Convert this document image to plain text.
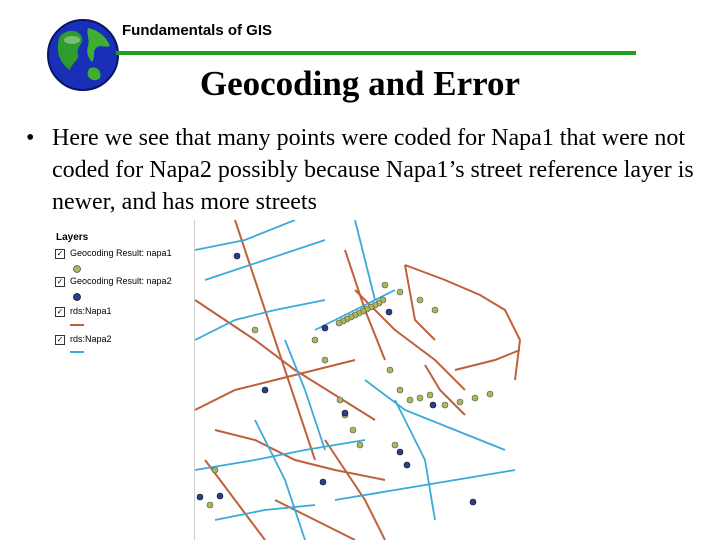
Fundamentals of GIS
Geocoding and Error
• Here we see that many points were coded for Napa1 that were not coded for Napa2 possibly because Napa1’s street reference layer is newer, and has more streets
Layers
✓ Geocoding Result: napa1
✓ Geocoding Result: napa2
✓ rds:Napa1
✓ rds:Napa2
